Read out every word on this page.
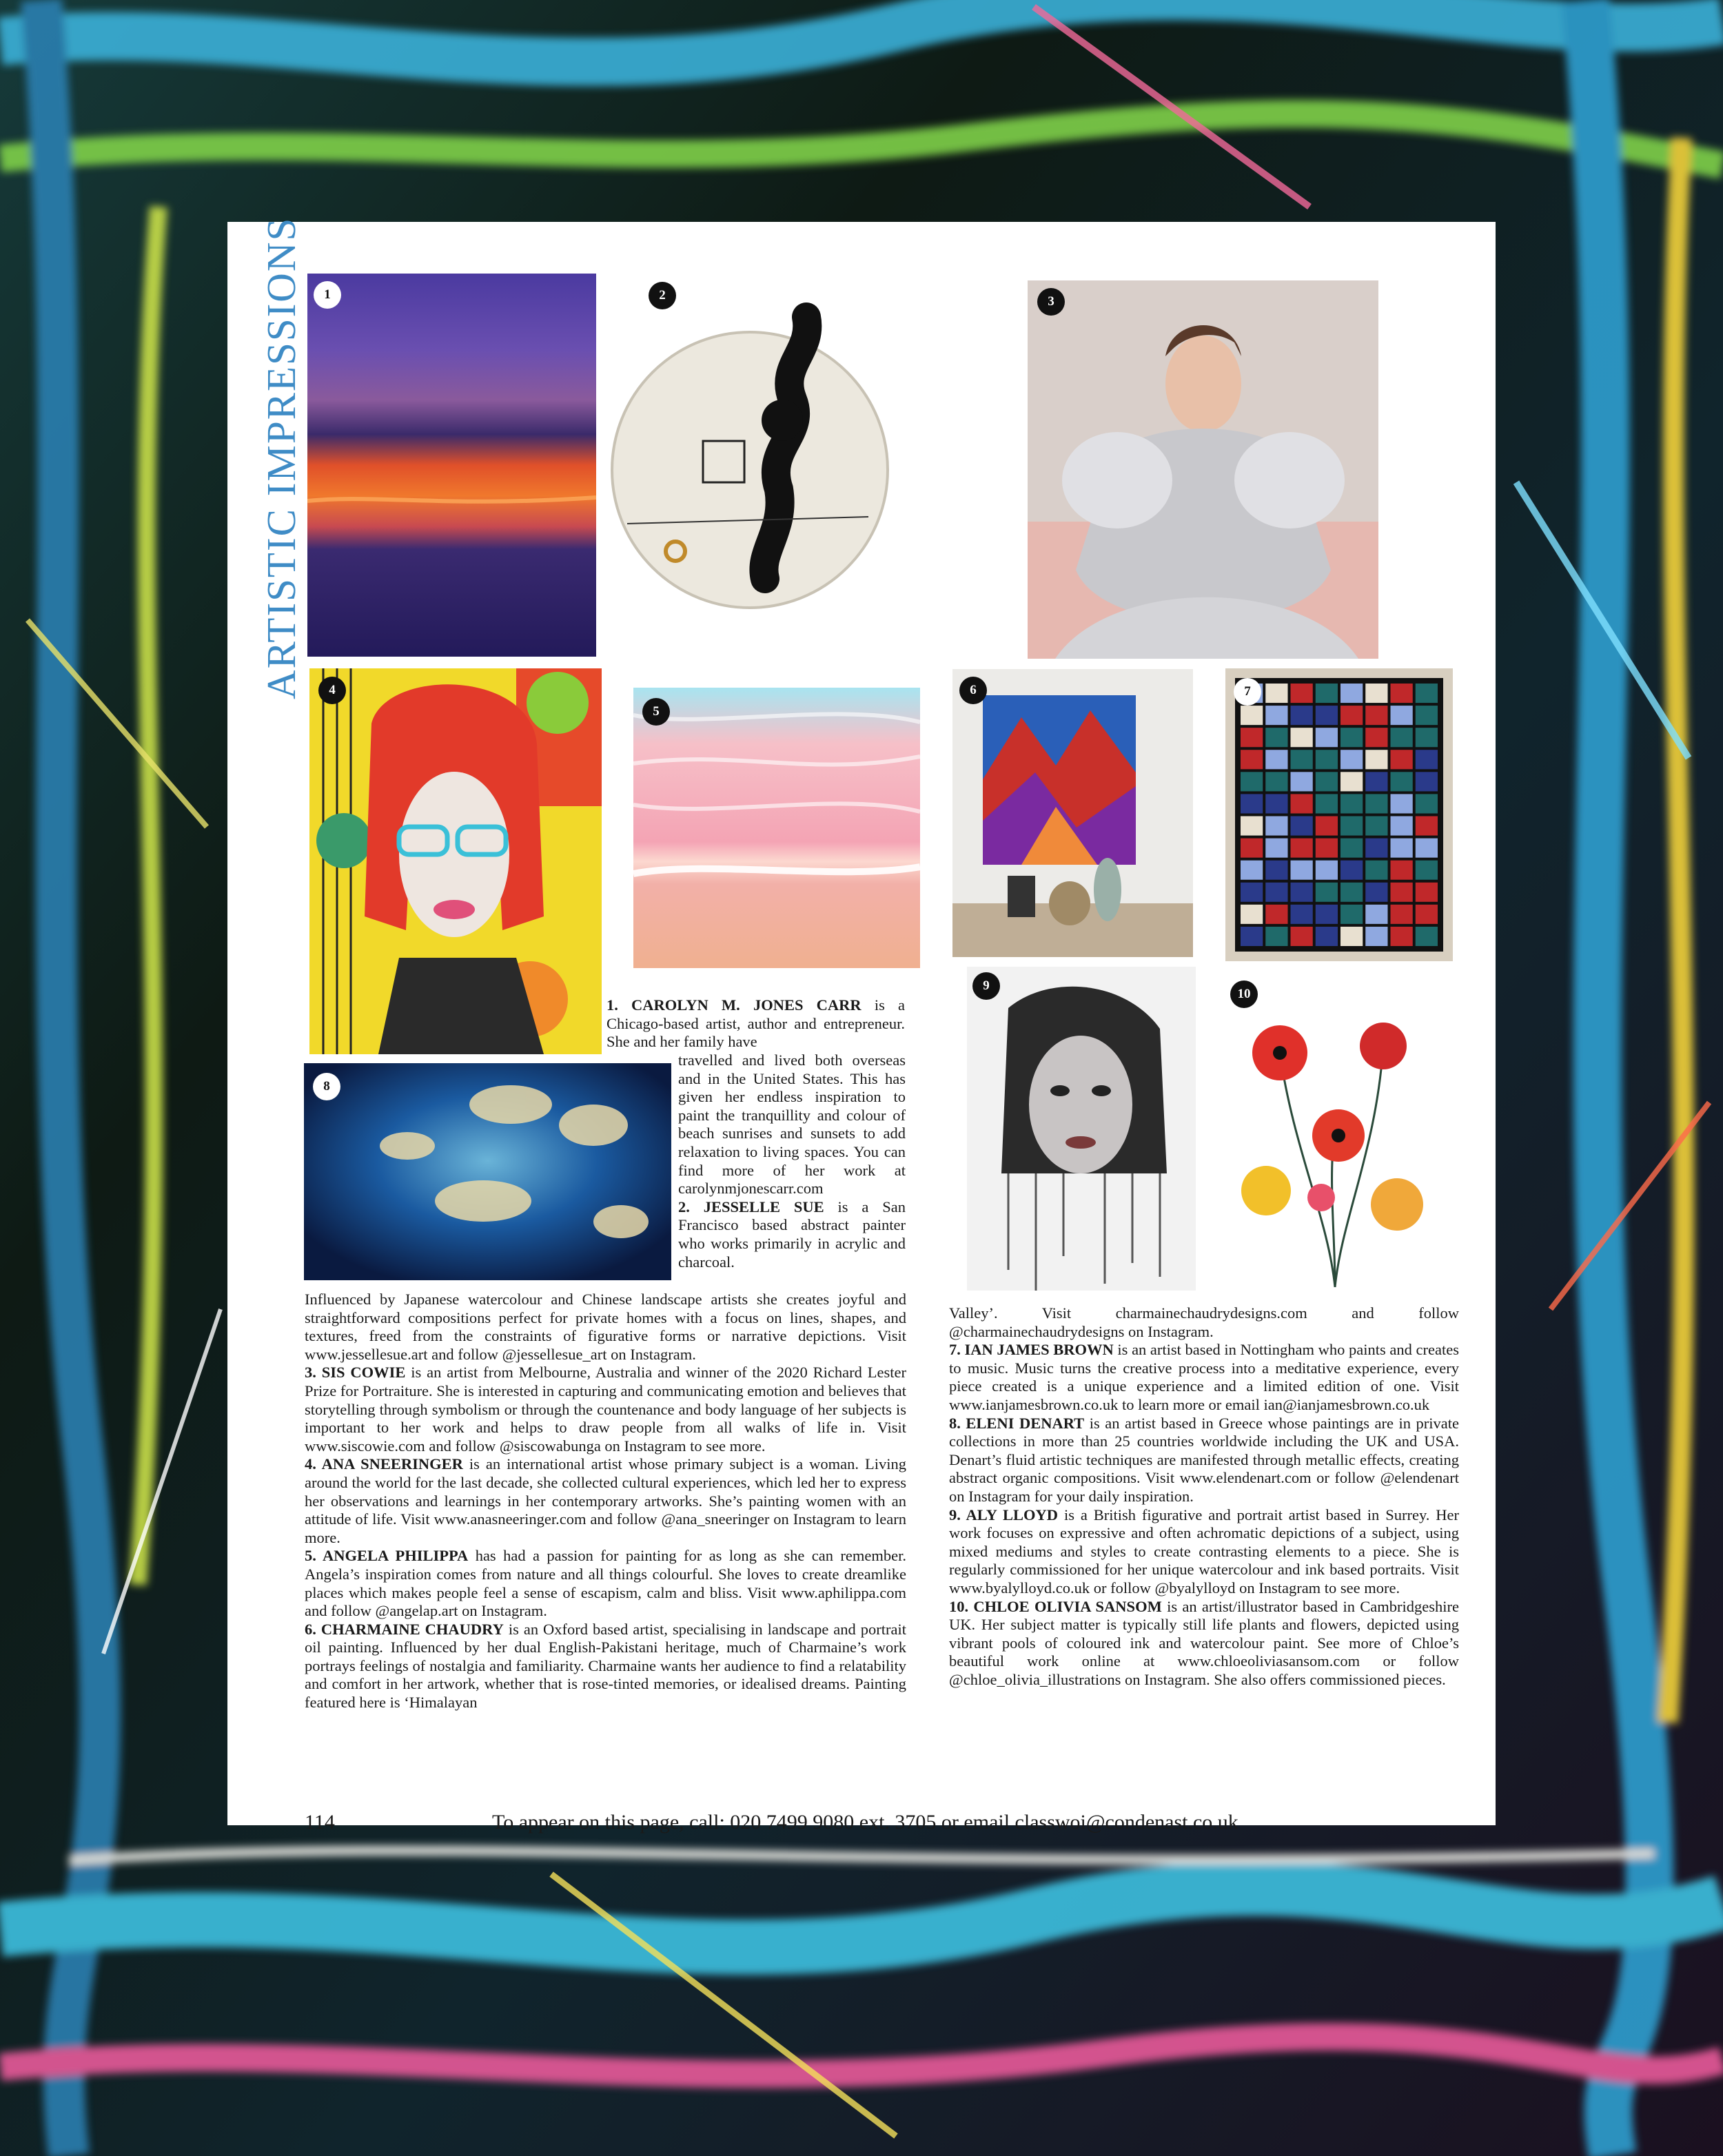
ARTISTIC IMPRESSIONS	1	2	3
4
5
6	7
8
9
10

1. CAROLYN M. JONES CARR is a Chicago-based artist, author and entrepreneur. She and her family have

travelled and lived both overseas and in the United States. This has given her endless inspiration to paint the tranquillity and colour of beach sunrises and sunsets to add relaxation to living spaces. You can find more of her work at carolynmjonescarr.com

2. JESSELLE SUE is a San Francisco based abstract painter who works primarily in acrylic and charcoal.

Influenced by Japanese watercolour and Chinese landscape artists she creates joyful and straightforward compositions perfect for private homes with a focus on lines, shapes, and textures, freed from the constraints of figurative forms or narrative depictions. Visit www.jessellesue.art and follow @jessellesue_art on Instagram.

3. SIS COWIE is an artist from Melbourne, Australia and winner of the 2020 Richard Lester Prize for Portraiture. She is interested in capturing and communicating emotion and believes that storytelling through symbolism or through the countenance and body language of her subjects is important to her work and helps to draw people from all walks of life in. Visit www.siscowie.com and follow @siscowabunga on Instagram to see more.

4. ANA SNEERINGER is an international artist whose primary subject is a woman. Living around the world for the last decade, she collected cultural experiences, which led her to express her observations and learnings in her contemporary artworks. She’s painting women with an attitude of life. Visit www.anasneeringer.com and follow @ana_sneeringer on Instagram to learn more.

5. ANGELA PHILIPPA has had a passion for painting for as long as she can remember. Angela’s inspiration comes from nature and all things colourful. She loves to create dreamlike places which makes people feel a sense of escapism, calm and bliss. Visit www.aphilippa.com and follow @angelap.art on Instagram.

6. CHARMAINE CHAUDRY is an Oxford based artist, specialising in landscape and portrait oil painting. Influenced by her dual English-Pakistani heritage, much of Charmaine’s work portrays feelings of nostalgia and familiarity. Charmaine wants her audience to find a relatability and comfort in her artwork, whether that is rose-tinted memories, or idealised dreams. Painting featured here is ‘Himalayan

Valley’. Visit charmainechaudrydesigns.com and follow @charmainechaudrydesigns on Instagram.

7. IAN JAMES BROWN is an artist based in Nottingham who paints and creates to music. Music turns the creative process into a meditative experience, every piece created is a unique experience and a limited edition of one. Visit www.ianjamesbrown.co.uk to learn more or email ian@ianjamesbrown.co.uk

8. ELENI DENART is an artist based in Greece whose paintings are in private collections in more than 25 countries worldwide including the UK and USA. Denart’s fluid artistic techniques are manifested through metallic effects, creating abstract organic compositions. Visit www.elendenart.com or follow @elendenart on Instagram for your daily inspiration.

9. ALY LLOYD is a British figurative and portrait artist based in Surrey. Her work focuses on expressive and often achromatic depictions of a subject, using mixed mediums and styles to create contrasting elements to a piece. She is regularly commissioned for her unique watercolour and ink based portraits. Visit www.byalylloyd.co.uk or follow @byalylloyd on Instagram to see more.

10. CHLOE OLIVIA SANSOM is an artist/illustrator based in Cambridgeshire UK. Her subject matter is typically still life plants and flowers, depicted using vibrant pools of coloured ink and watercolour paint. See more of Chloe’s beautiful work online at www.chloeoliviasansom.com or follow @chloe_olivia_illustrations on Instagram. She also offers commissioned pieces.

114	To appear on this page, call: 020 7499 9080 ext. 3705 or email classwoi@condenast.co.uk
